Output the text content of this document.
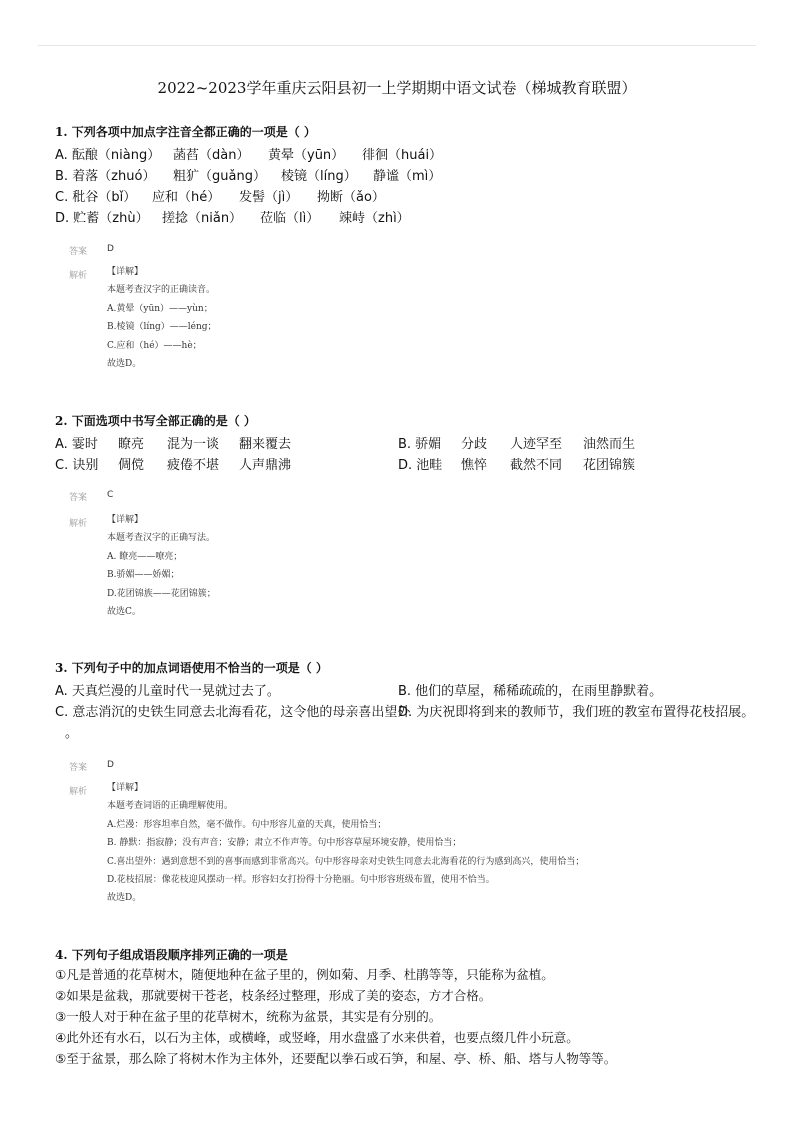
2022~2023学年重庆云阳县初一上学期期中语文试卷（梯城教育联盟）
1. 下列各项中加点字注音全都正确的一项是（ ）
A. 酝酿（niàng） 菡萏（dàn） 黄晕（yūn） 徘徊（huái）
B. 着落（zhuó） 粗犷（guǎng） 棱镜（líng） 静谧（mì）
C. 秕谷（bǐ） 应和（hé） 发髻（jì） 拗断（ǎo）
D. 贮蓄（zhù） 搓捻（niǎn） 莅临（lì） 竦峙（zhì）
答案 D
解析 【详解】
本题考查汉字的正确读音。
A.黄晕（yūn）——yùn；
B.棱镜（líng）——léng；
C.应和（hé）——hè；
故选D。
2. 下面选项中书写全部正确的是（ ）
A. 霎时 瞭亮 混为一谈 翻来覆去	B. 骄媚 分歧 人迹罕至 油然而生
C. 诀别 倜傥 疲倦不堪 人声鼎沸	D. 池畦 憔悴 截然不同 花团锦簇
答案 C
解析 【详解】
本题考查汉字的正确写法。
A. 瞭亮——嘹亮；
B.骄媚——娇媚；
D.花团锦族——花团锦簇；
故选C。
3. 下列句子中的加点词语使用不恰当的一项是（ ）
A. 天真烂漫的儿童时代一晃就过去了。	B. 他们的草屋，稀稀疏疏的，在雨里静默着。
C. 意志消沉的史铁生同意去北海看花，这令他的母亲喜出望外
D. 为庆祝即将到来的教师节，我们班的教室布置得花枝招展。
。
答案 D
解析 【详解】
本题考查词语的正确理解使用。
A.烂漫：形容坦率自然，毫不做作。句中形容儿童的天真，使用恰当；
B. 静默：指寂静；没有声音；安静；肃立不作声等。句中形容草屋环境安静，使用恰当；
C.喜出望外：遇到意想不到的喜事而感到非常高兴。句中形容母亲对史铁生同意去北海看花的行为感到高兴，使用恰当；
D.花枝招展：像花枝迎风摆动一样。形容妇女打扮得十分艳丽。句中形容班级布置，使用不恰当。
故选D。
4. 下列句子组成语段顺序排列正确的一项是
①凡是普通的花草树木，随便地种在盆子里的，例如菊、月季、杜鹃等等，只能称为盆植。
②如果是盆栽，那就要树干苍老，枝条经过整理，形成了美的姿态，方才合格。
③一般人对于种在盆子里的花草树木，统称为盆景，其实是有分别的。
④此外还有水石，以石为主体，或横峰，或竖峰，用水盘盛了水来供着，也要点缀几件小玩意。
⑤至于盆景，那么除了将树木作为主体外，还要配以拳石或石笋，和屋、亭、桥、船、塔与人物等等。
